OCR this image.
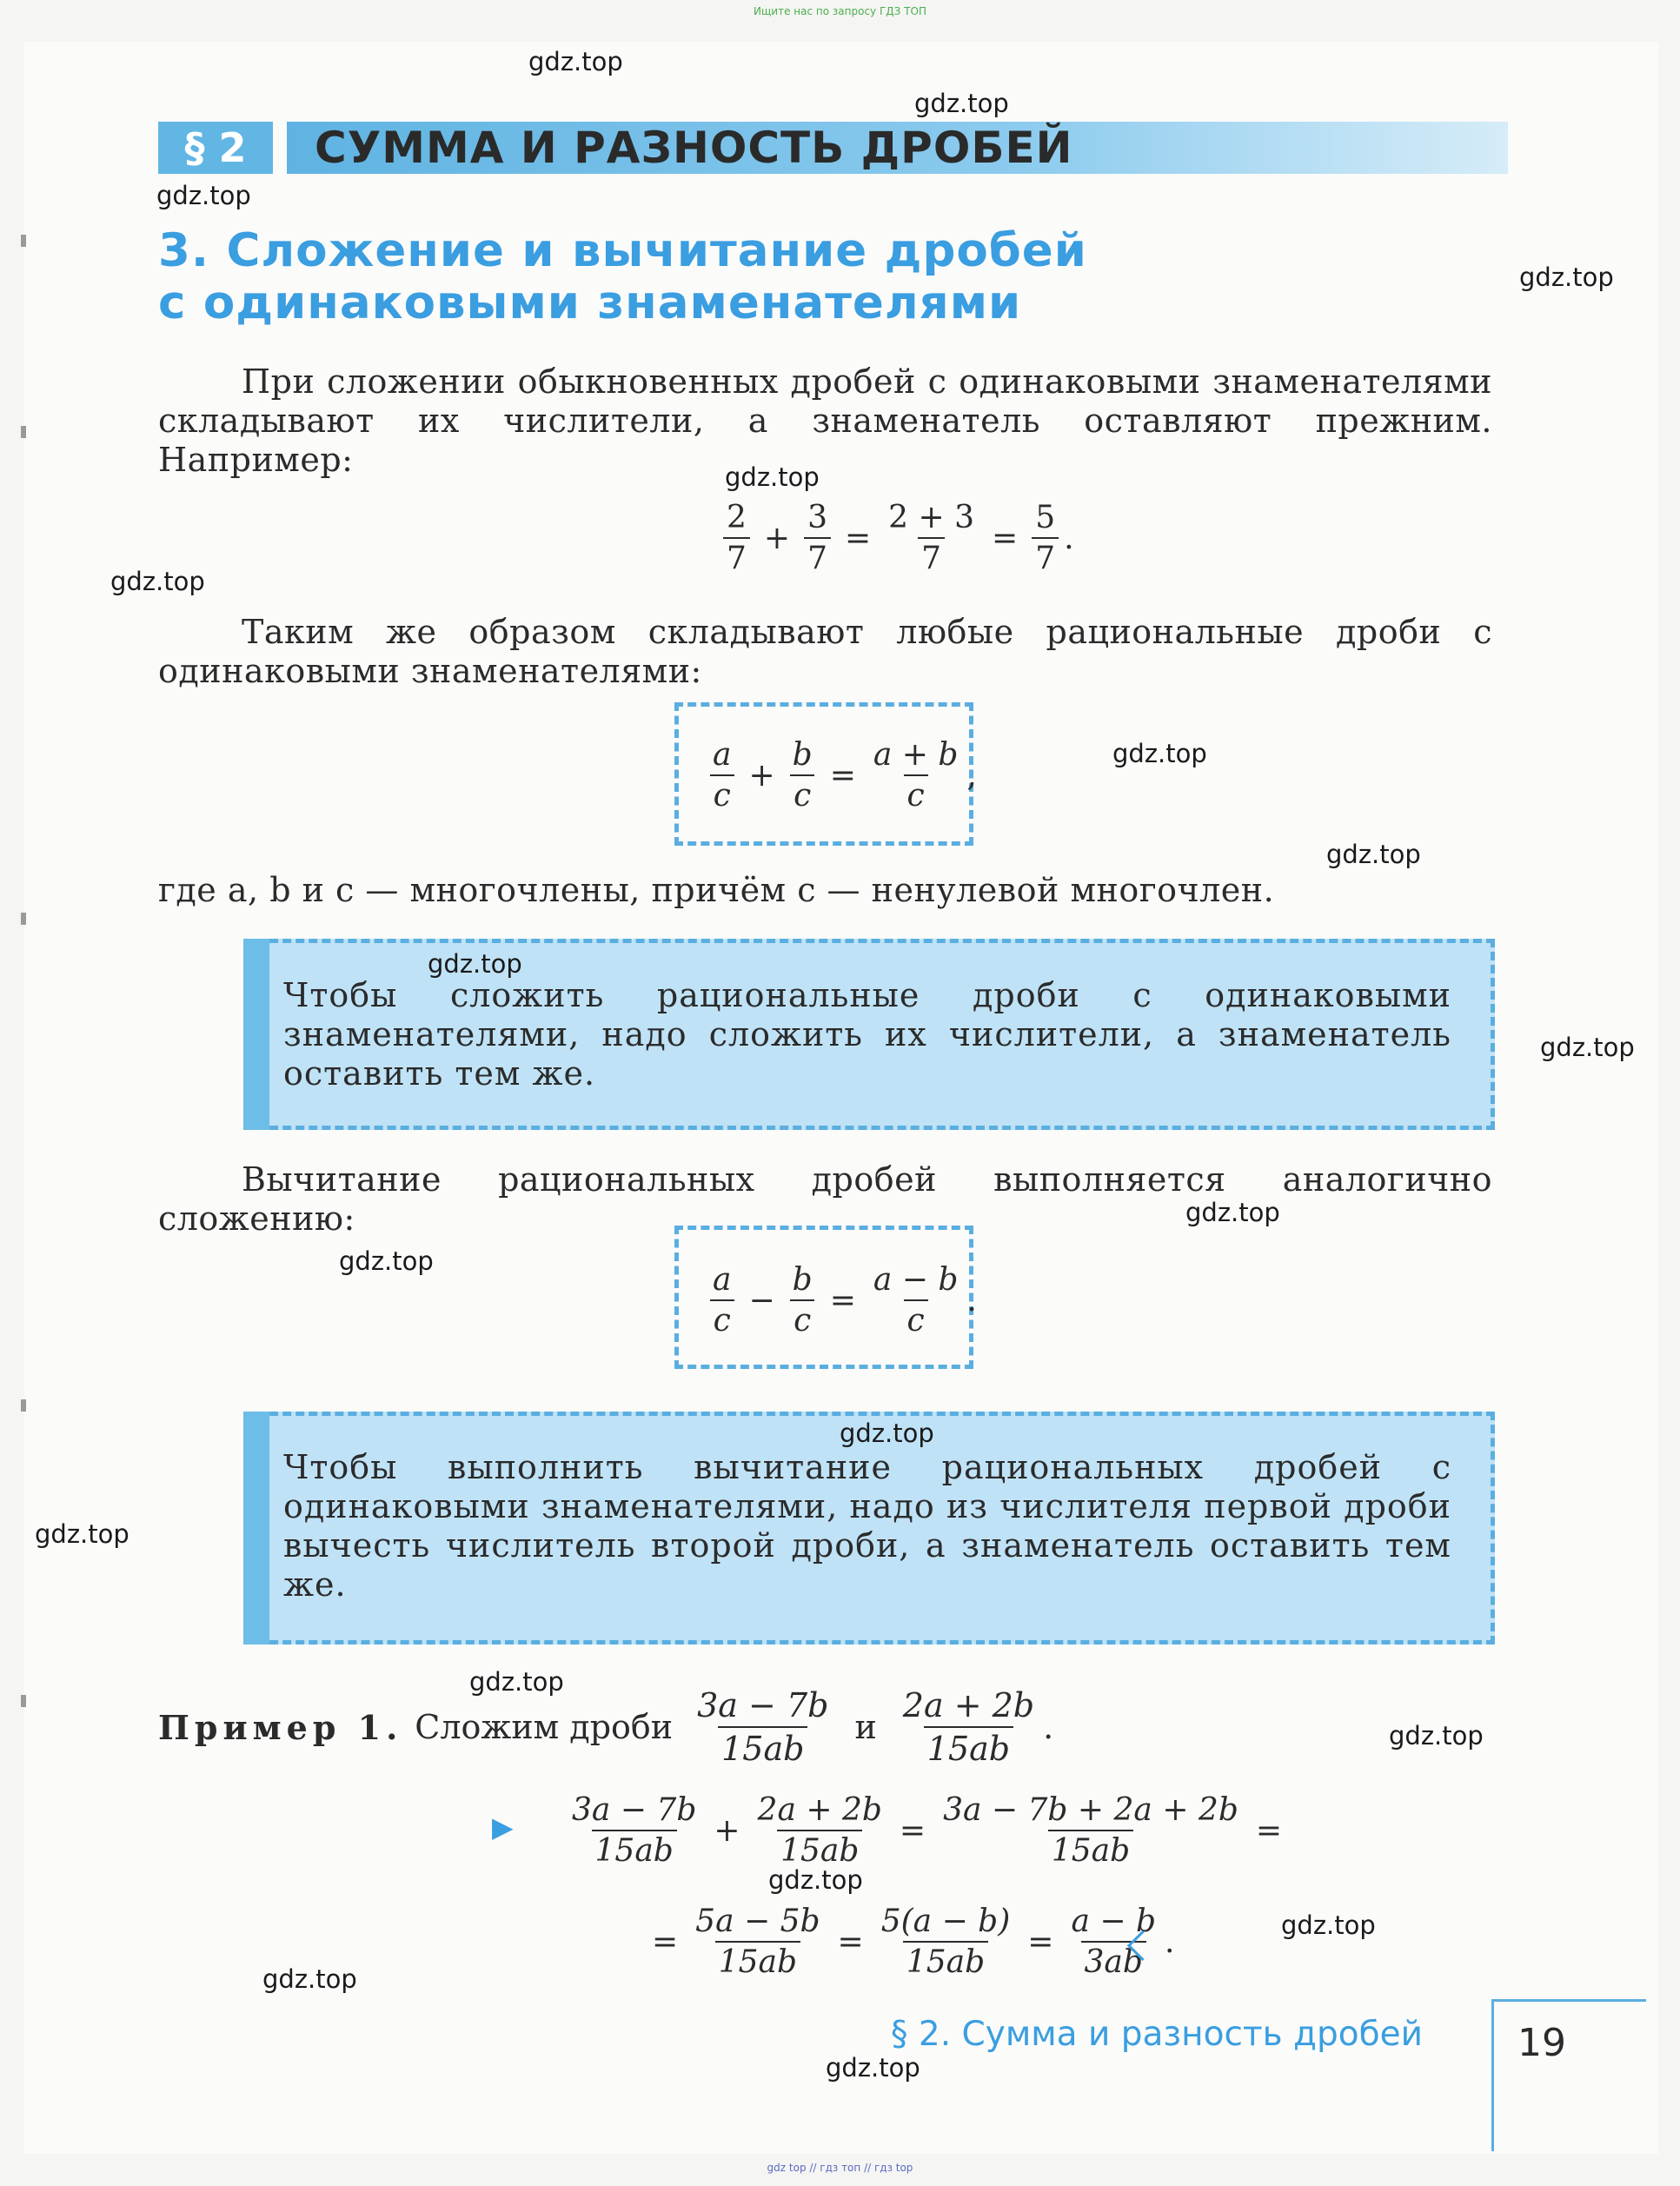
Ищите нас по запросу ГДЗ ТОП
§ 2	СУММА И РАЗНОСТЬ ДРОБЕЙ
3. Сложение и вычитание дробей
с одинаковыми знаменателями
При сложении обыкновенных дробей с одинаковыми знаменателями складывают их числители, а знаменатель оставляют прежним. Например:
$\frac{2}{7} + \frac{3}{7} = \frac{2 + 3}{7} = \frac{5}{7}$ .
Таким же образом складывают любые рациональные дроби с одинаковыми знаменателями:
$\frac{a}{c} + \frac{b}{c} = \frac{a + b}{c}$ ,
где a, b и c — многочлены, причём c — ненулевой многочлен.
Чтобы сложить рациональные дроби с одинаковыми знаменателями, надо сложить их числители, а знаменатель оставить тем же.
Вычитание рациональных дробей выполняется аналогично сложению:
$\frac{a}{c} - \frac{b}{c} = \frac{a - b}{c}$ .
Чтобы выполнить вычитание рациональных дробей с одинаковыми знаменателями, надо из числителя первой дроби вычесть числитель второй дроби, а знаменатель оставить тем же.
Пример 1. Сложим дроби $\frac{3a - 7b}{15ab}$ и $\frac{2a + 2b}{15ab}$ .
▶ $\frac{3a - 7b}{15ab} + \frac{2a + 2b}{15ab} = \frac{3a - 7b + 2a + 2b}{15ab}$ =
= $\frac{5a - 5b}{15ab} = \frac{5(a - b)}{15ab} = \frac{a - b}{3ab}$ .
§ 2. Сумма и разность дробей 19
gdz.top
gdz.top
gdz.top
gdz.top
gdz.top
gdz.top
gdz.top
gdz.top
gdz.top
gdz.top
gdz.top
gdz.top
gdz.top
gdz.top
gdz.top
gdz.top
gdz.top
gdz.top
gdz.top
gdz.top
gdz top // гдз топ // гдз top
